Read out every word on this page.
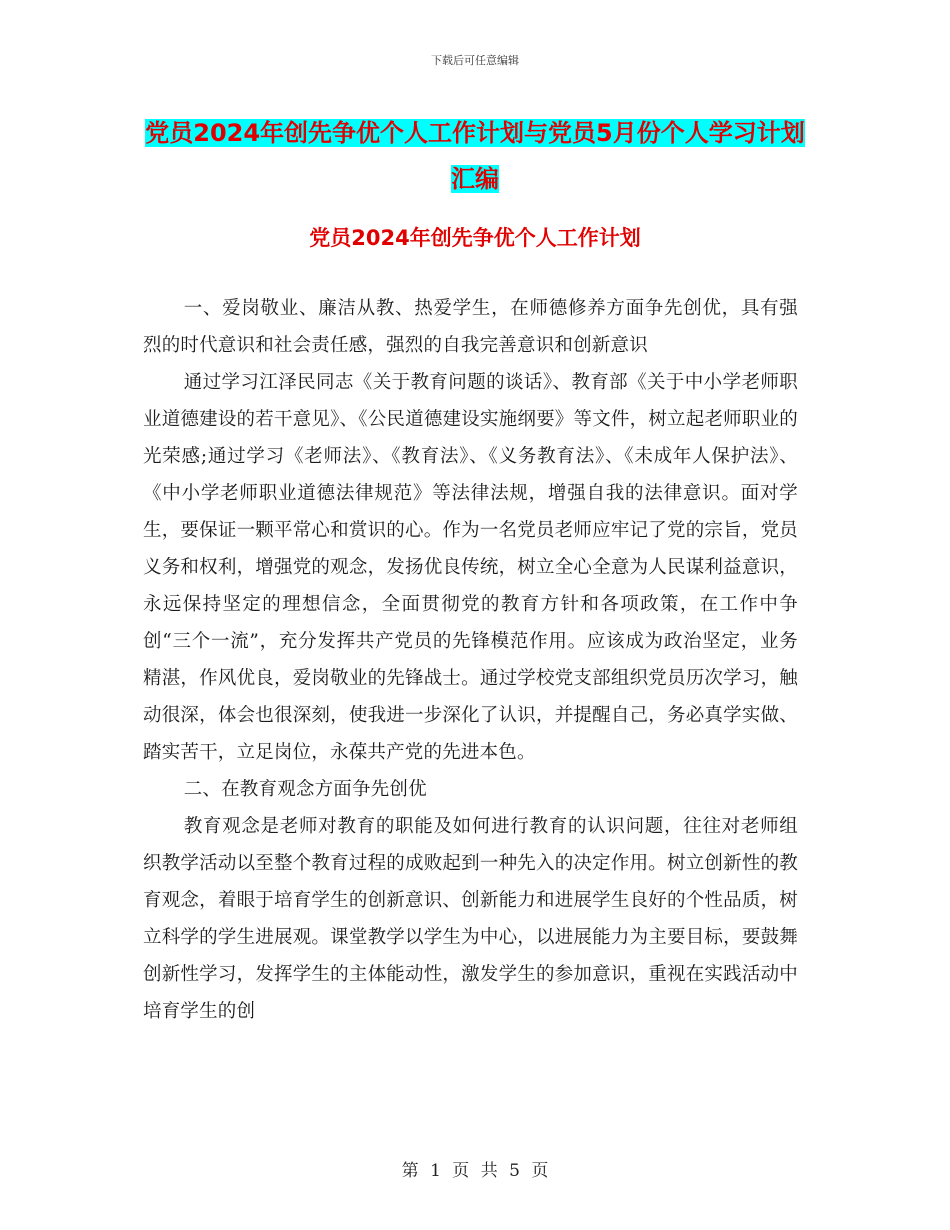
下载后可任意编辑
党员2024年创先争优个人工作计划与党员5月份个人学习计划汇编
党员2024年创先争优个人工作计划

一、爱岗敬业、廉洁从教、热爱学生，在师德修养方面争先创优，具有强烈的时代意识和社会责任感，强烈的自我完善意识和创新意识

通过学习江泽民同志《关于教育问题的谈话》、教育部《关于中小学老师职业道德建设的若干意见》、《公民道德建设实施纲要》等文件，树立起老师职业的光荣感;通过学习《老师法》、《教育法》、《义务教育法》、《未成年人保护法》、《中小学老师职业道德法律规范》等法律法规，增强自我的法律意识。面对学生，要保证一颗平常心和赏识的心。作为一名党员老师应牢记了党的宗旨，党员义务和权利，增强党的观念，发扬优良传统，树立全心全意为人民谋利益意识，永远保持坚定的理想信念，全面贯彻党的教育方针和各项政策，在工作中争创“三个一流”，充分发挥共产党员的先锋模范作用。应该成为政治坚定，业务精湛，作风优良，爱岗敬业的先锋战士。通过学校党支部组织党员历次学习，触动很深，体会也很深刻，使我进一步深化了认识，并提醒自己，务必真学实做、踏实苦干，立足岗位，永葆共产党的先进本色。

二、在教育观念方面争先创优

教育观念是老师对教育的职能及如何进行教育的认识问题，往往对老师组织教学活动以至整个教育过程的成败起到一种先入的决定作用。树立创新性的教育观念，着眼于培育学生的创新意识、创新能力和进展学生良好的个性品质，树立科学的学生进展观。课堂教学以学生为中心，以进展能力为主要目标，要鼓舞创新性学习，发挥学生的主体能动性，激发学生的参加意识，重视在实践活动中培育学生的创

第 1 页 共 5 页
